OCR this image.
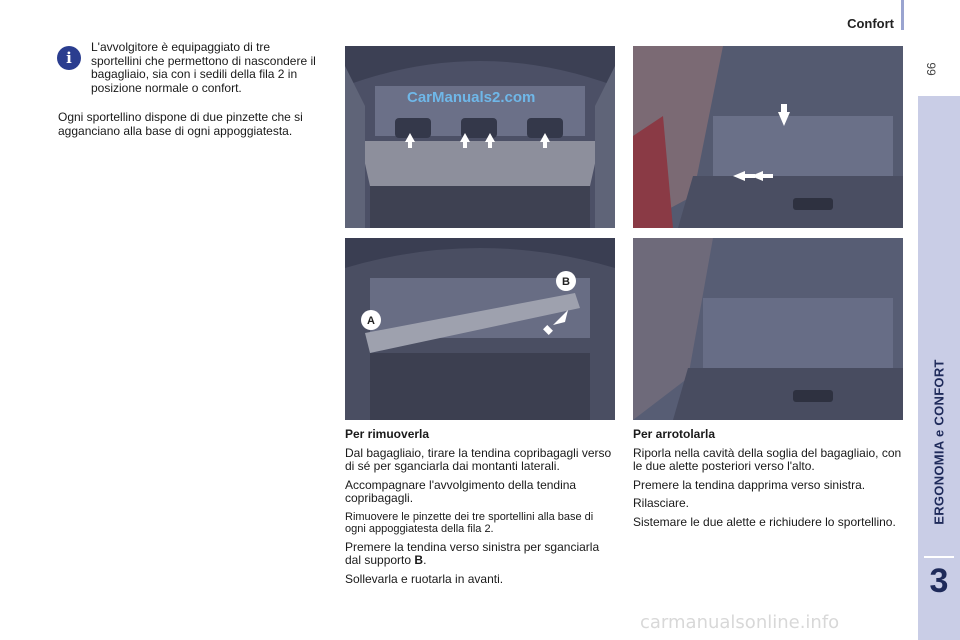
Confort
99
ERGONOMIA e CONFORT
3
i

L'avvolgitore è equipaggiato di tre sportellini che permettono di nascondere il bagagliaio, sia con i sedili della fila 2 in posizione normale o confort.

Ogni sportellino dispone di due pinzette che si agganciano alla base di ogni appoggiatesta.

CarManuals2.com
A
B
Per rimuoverla

Dal bagagliaio, tirare la tendina copribagagli verso di sé per sganciarla dai montanti laterali.

Accompagnare l'avvolgimento della tendina copribagagli.

Rimuovere le pinzette dei tre sportellini alla base di ogni appoggiatesta della fila 2.

Premere la tendina verso sinistra per sganciarla dal supporto B.

Sollevarla e ruotarla in avanti.

Per arrotolarla

Riporla nella cavità della soglia del bagagliaio, con le due alette posteriori verso l'alto.

Premere la tendina dapprima verso sinistra.

Rilasciare.

Sistemare le due alette e richiudere lo sportellino.

carmanualsonline.info
